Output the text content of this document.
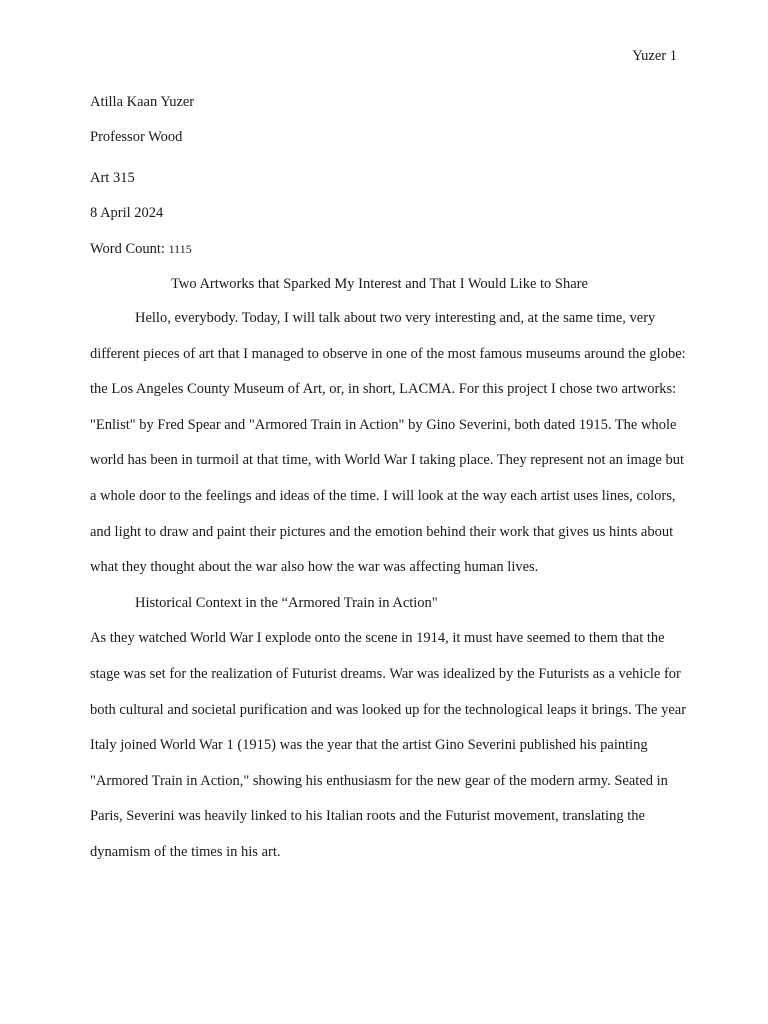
Yuzer 1
Atilla Kaan Yuzer
Professor Wood
Art 315
8 April 2024
Word Count: 1115
Two Artworks that Sparked My Interest and That I Would Like to Share

Hello, everybody. Today, I will talk about two very interesting and, at the same time, very different pieces of art that I managed to observe in one of the most famous museums around the globe: the Los Angeles County Museum of Art, or, in short, LACMA. For this project I chose two artworks: "Enlist" by Fred Spear and "Armored Train in Action" by Gino Severini, both dated 1915. The whole world has been in turmoil at that time, with World War I taking place. They represent not an image but a whole door to the feelings and ideas of the time. I will look at the way each artist uses lines, colors, and light to draw and paint their pictures and the emotion behind their work that gives us hints about what they thought about the war also how the war was affecting human lives.

Historical Context in the “Armored Train in Action"

As they watched World War I explode onto the scene in 1914, it must have seemed to them that the stage was set for the realization of Futurist dreams. War was idealized by the Futurists as a vehicle for both cultural and societal purification and was looked up for the technological leaps it brings. The year Italy joined World War 1 (1915) was the year that the artist Gino Severini published his painting "Armored Train in Action," showing his enthusiasm for the new gear of the modern army. Seated in Paris, Severini was heavily linked to his Italian roots and the Futurist movement, translating the dynamism of the times in his art.
